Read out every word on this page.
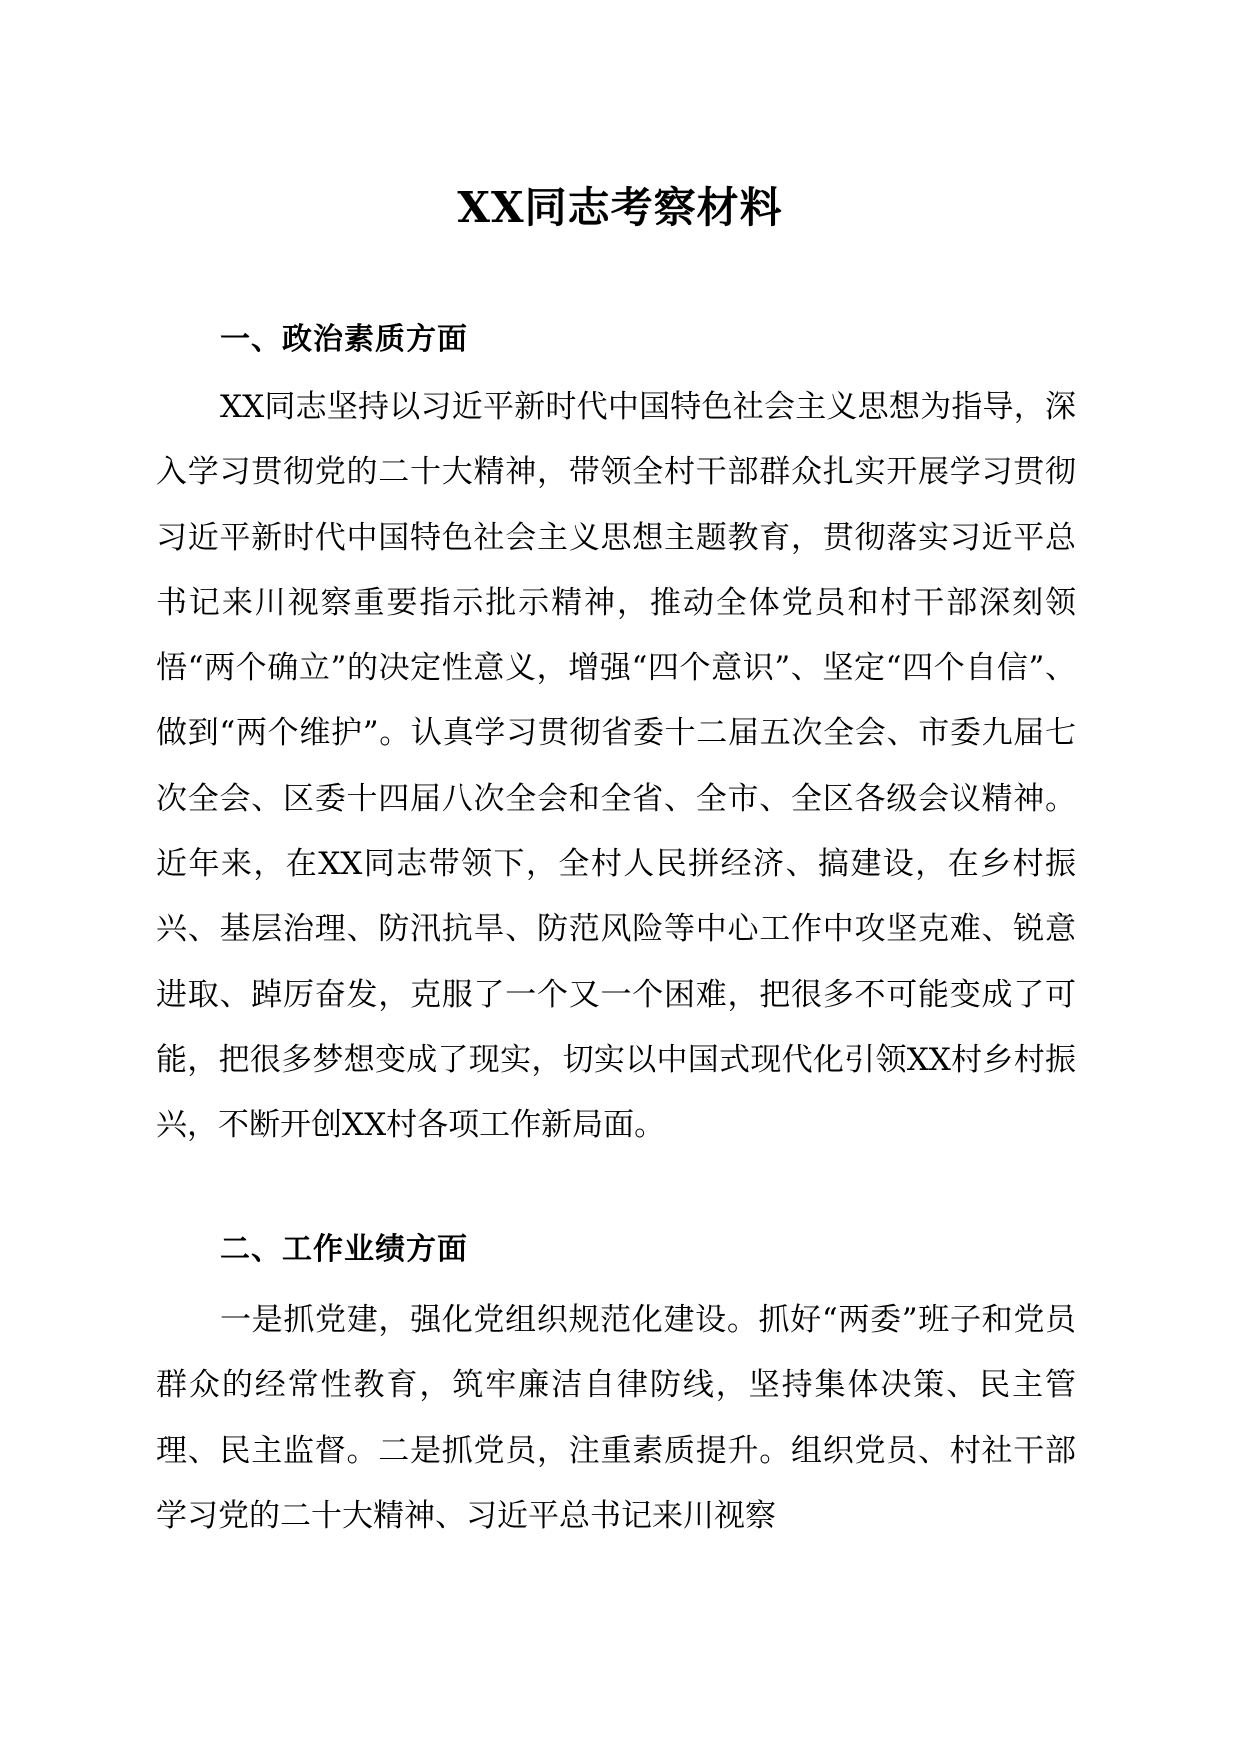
XX同志考察材料
一、政治素质方面

XX同志坚持以习近平新时代中国特色社会主义思想为指导，深入学习贯彻党的二十大精神，带领全村干部群众扎实开展学习贯彻习近平新时代中国特色社会主义思想主题教育，贯彻落实习近平总书记来川视察重要指示批示精神，推动全体党员和村干部深刻领悟“两个确立”的决定性意义，增强“四个意识”、坚定“四个自信”、做到“两个维护”。认真学习贯彻省委十二届五次全会、市委九届七次全会、区委十四届八次全会和全省、全市、全区各级会议精神。近年来，在XX同志带领下，全村人民拼经济、搞建设，在乡村振兴、基层治理、防汛抗旱、防范风险等中心工作中攻坚克难、锐意进取、踔厉奋发，克服了一个又一个困难，把很多不可能变成了可能，把很多梦想变成了现实，切实以中国式现代化引领XX村乡村振兴，不断开创XX村各项工作新局面。

二、工作业绩方面

一是抓党建，强化党组织规范化建设。抓好“两委”班子和党员群众的经常性教育，筑牢廉洁自律防线，坚持集体决策、民主管理、民主监督。二是抓党员，注重素质提升。组织党员、村社干部学习党的二十大精神、习近平总书记来川视察
